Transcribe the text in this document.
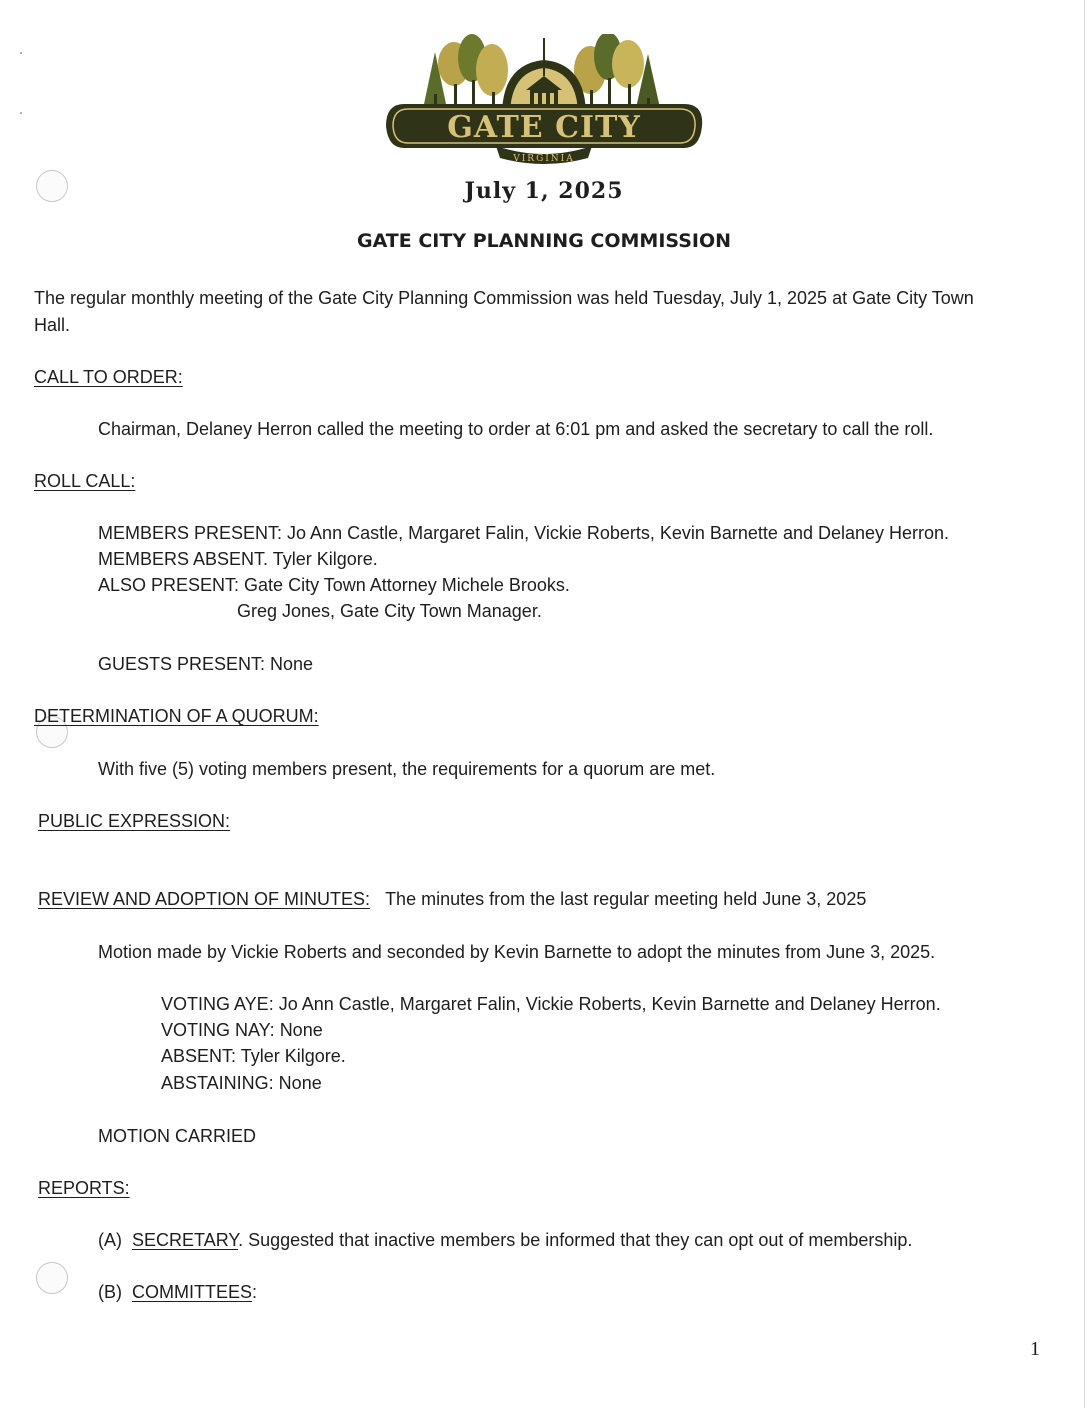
GATE CITY
VIRGINIA
July 1, 2025
GATE CITY PLANNING COMMISSION
The regular monthly meeting of the Gate City Planning Commission was held Tuesday, July 1, 2025 at Gate City Town
Hall.
CALL TO ORDER:
Chairman, Delaney Herron called the meeting to order at 6:01 pm and asked the secretary to call the roll.
ROLL CALL:
MEMBERS PRESENT: Jo Ann Castle, Margaret Falin, Vickie Roberts, Kevin Barnette and Delaney Herron.
MEMBERS ABSENT. Tyler Kilgore.
ALSO PRESENT: Gate City Town Attorney Michele Brooks.
Greg Jones, Gate City Town Manager.
GUESTS PRESENT: None
DETERMINATION OF A QUORUM:
With five (5) voting members present, the requirements for a quorum are met.
PUBLIC EXPRESSION:
REVIEW AND ADOPTION OF MINUTES: The minutes from the last regular meeting held June 3, 2025
Motion made by Vickie Roberts and seconded by Kevin Barnette to adopt the minutes from June 3, 2025.
VOTING AYE: Jo Ann Castle, Margaret Falin, Vickie Roberts, Kevin Barnette and Delaney Herron.
VOTING NAY: None
ABSENT: Tyler Kilgore.
ABSTAINING: None
MOTION CARRIED
REPORTS:
(A) SECRETARY. Suggested that inactive members be informed that they can opt out of membership.
(B) COMMITTEES:
1
